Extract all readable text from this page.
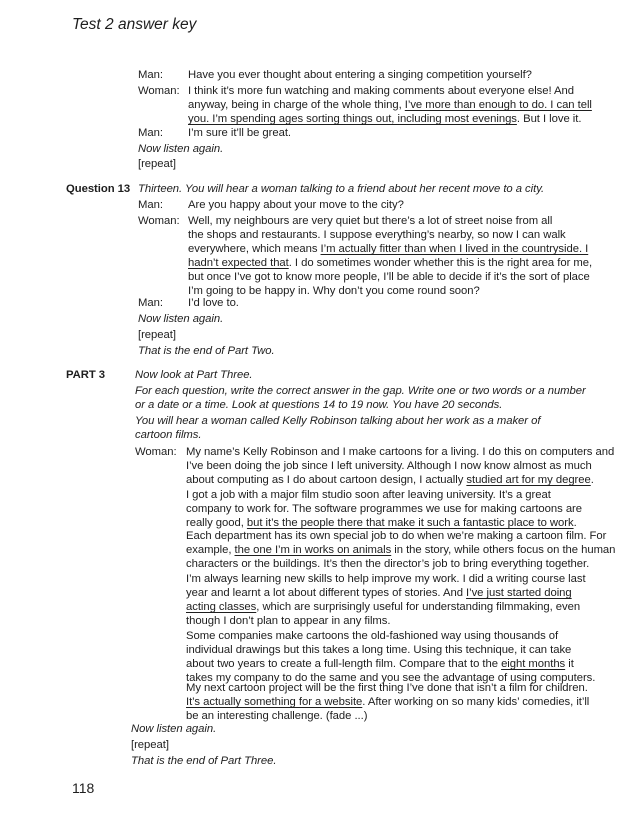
Test 2 answer key
Man: Have you ever thought about entering a singing competition yourself?
Woman: I think it’s more fun watching and making comments about everyone else! And
anyway, being in charge of the whole thing, I’ve more than enough to do. I can tell
you. I’m spending ages sorting things out, including most evenings. But I love it.
Man: I’m sure it’ll be great.
Now listen again.
[repeat]
Question 13 Thirteen. You will hear a woman talking to a friend about her recent move to a city.
Man: Are you happy about your move to the city?
Woman: Well, my neighbours are very quiet but there’s a lot of street noise from all
the shops and restaurants. I suppose everything’s nearby, so now I can walk
everywhere, which means I’m actually fitter than when I lived in the countryside. I
hadn’t expected that. I do sometimes wonder whether this is the right area for me,
but once I’ve got to know more people, I’ll be able to decide if it’s the sort of place
I’m going to be happy in. Why don’t you come round soon?
Man: I’d love to.
Now listen again.
[repeat]
That is the end of Part Two.
PART 3	Now look at Part Three.
For each question, write the correct answer in the gap. Write one or two words or a number
or a date or a time. Look at questions 14 to 19 now. You have 20 seconds.
You will hear a woman called Kelly Robinson talking about her work as a maker of
cartoon films.
Woman: My name’s Kelly Robinson and I make cartoons for a living. I do this on computers and
I’ve been doing the job since I left university. Although I now know almost as much
about computing as I do about cartoon design, I actually studied art for my degree.
I got a job with a major film studio soon after leaving university. It’s a great
company to work for. The software programmes we use for making cartoons are
really good, but it’s the people there that make it such a fantastic place to work.
Each department has its own special job to do when we’re making a cartoon film. For
example, the one I’m in works on animals in the story, while others focus on the human
characters or the buildings. It’s then the director’s job to bring everything together.
I’m always learning new skills to help improve my work. I did a writing course last
year and learnt a lot about different types of stories. And I’ve just started doing
acting classes, which are surprisingly useful for understanding filmmaking, even
though I don’t plan to appear in any films.
Some companies make cartoons the old-fashioned way using thousands of
individual drawings but this takes a long time. Using this technique, it can take
about two years to create a full-length film. Compare that to the eight months it
takes my company to do the same and you see the advantage of using computers.
My next cartoon project will be the first thing I’ve done that isn’t a film for children.
It’s actually something for a website. After working on so many kids’ comedies, it’ll
be an interesting challenge. (fade ...)
Now listen again.
[repeat]
That is the end of Part Three.
118
